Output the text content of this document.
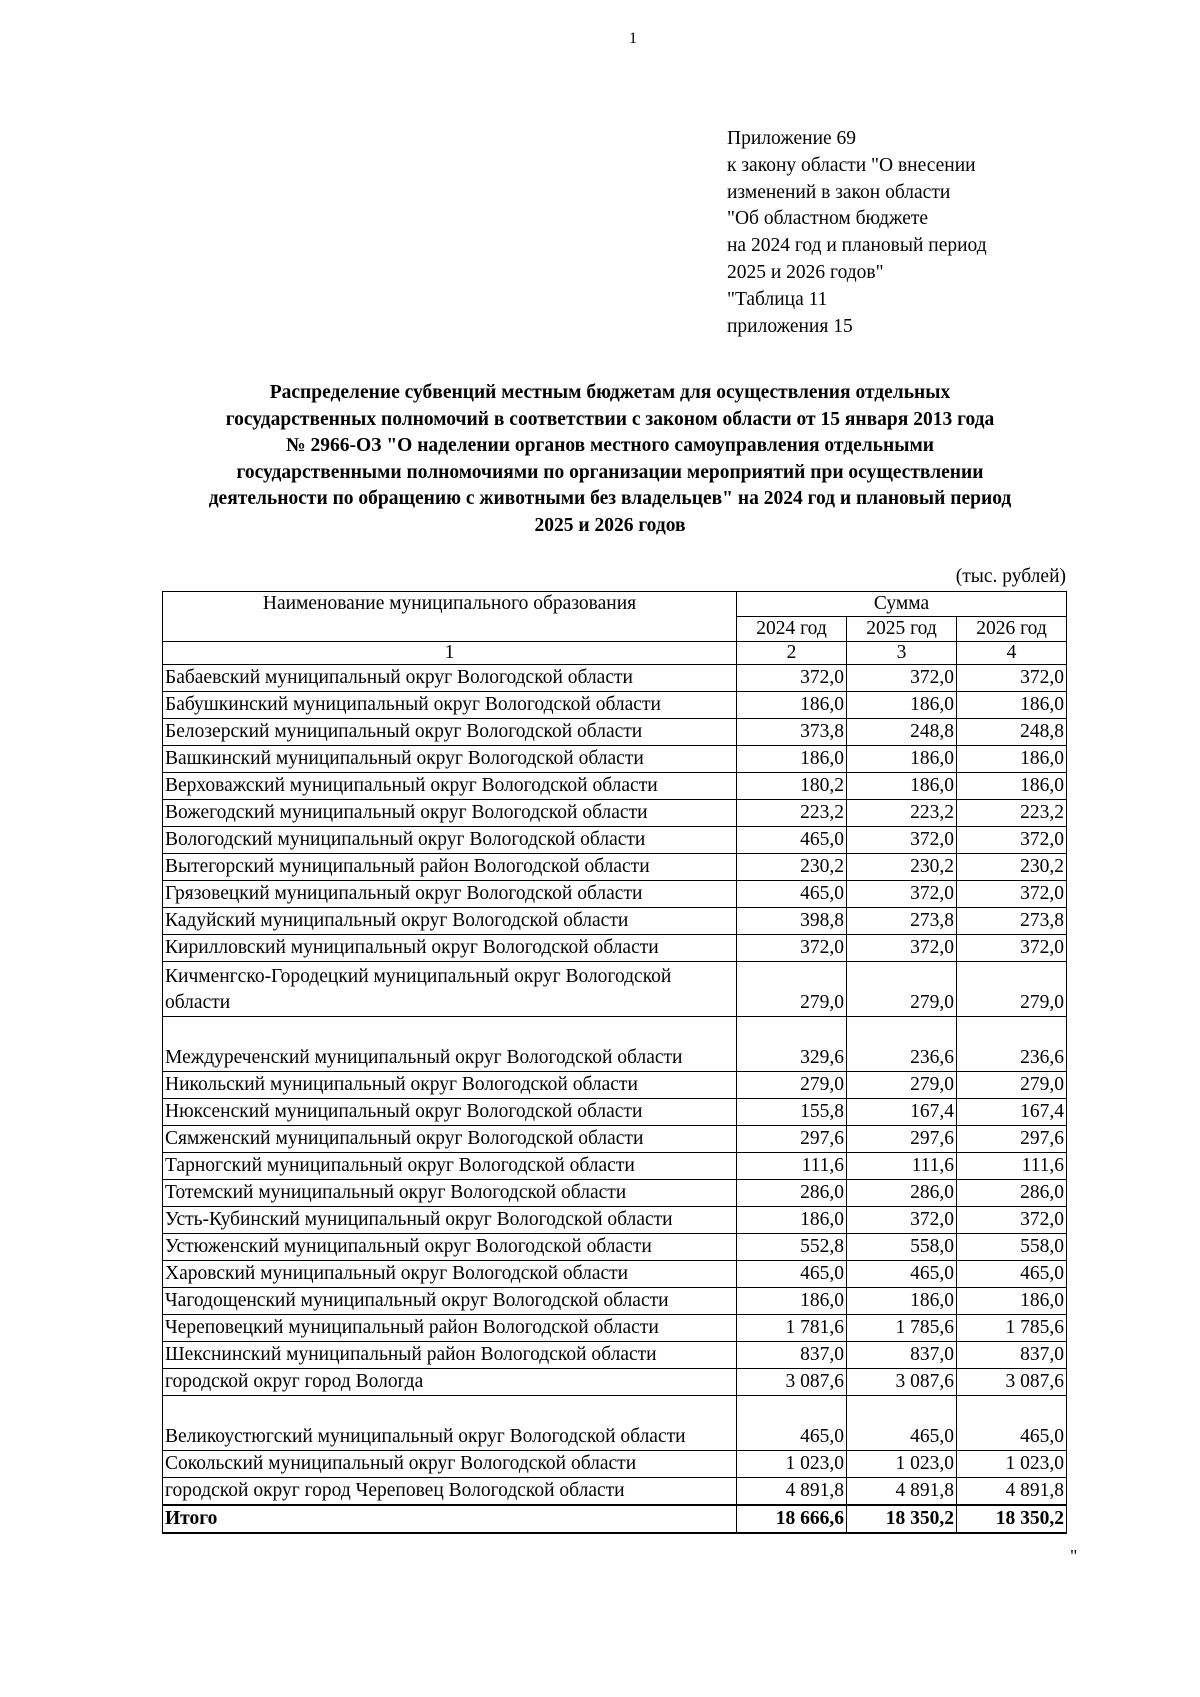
1
Приложение 69
к закону области "О внесении
изменений в закон области
"Об областном бюджете
на 2024 год и плановый период
2025 и 2026 годов"
"Таблица 11
приложения 15
Распределение субвенций местным бюджетам для осуществления отдельных
государственных полномочий в соответствии с законом области от 15 января 2013 года
№ 2966-ОЗ "О наделении органов местного самоуправления отдельными
государственными полномочиями по организации мероприятий при осуществлении
деятельности по обращению с животными без владельцев" на 2024 год и плановый период
2025 и 2026 годов
(тыс. рублей)
Наименование муниципального образования	Сумма		
	2024 год	2025 год	2026 год
1	2	3	4
Бабаевский муниципальный округ Вологодской области	372,0	372,0	372,0
Бабушкинский муниципальный округ Вологодской области	186,0	186,0	186,0
Белозерский муниципальный округ Вологодской области	373,8	248,8	248,8
Вашкинский муниципальный округ Вологодской области	186,0	186,0	186,0
Верховажский муниципальный округ Вологодской области	180,2	186,0	186,0
Вожегодский муниципальный округ Вологодской области	223,2	223,2	223,2
Вологодский муниципальный округ Вологодской области	465,0	372,0	372,0
Вытегорский муниципальный район Вологодской области	230,2	230,2	230,2
Грязовецкий муниципальный округ Вологодской области	465,0	372,0	372,0
Кадуйский муниципальный округ Вологодской области	398,8	273,8	273,8
Кирилловский муниципальный округ Вологодской области	372,0	372,0	372,0
Кичменгско-Городецкий муниципальный округ Вологодской области	279,0	279,0	279,0
Междуреченский муниципальный округ Вологодской области	329,6	236,6	236,6
Никольский муниципальный округ Вологодской области	279,0	279,0	279,0
Нюксенский муниципальный округ Вологодской области	155,8	167,4	167,4
Сямженский муниципальный округ Вологодской области	297,6	297,6	297,6
Тарногский муниципальный округ Вологодской области	111,6	111,6	111,6
Тотемский муниципальный округ Вологодской области	286,0	286,0	286,0
Усть-Кубинский муниципальный округ Вологодской области	186,0	372,0	372,0
Устюженский муниципальный округ Вологодской области	552,8	558,0	558,0
Харовский муниципальный округ Вологодской области	465,0	465,0	465,0
Чагодощенский муниципальный округ Вологодской области	186,0	186,0	186,0
Череповецкий муниципальный район Вологодской области	1 781,6	1 785,6	1 785,6
Шекснинский муниципальный район Вологодской области	837,0	837,0	837,0
городской округ город Вологда	3 087,6	3 087,6	3 087,6
Великоустюгский муниципальный округ Вологодской области	465,0	465,0	465,0
Сокольский муниципальный округ Вологодской области	1 023,0	1 023,0	1 023,0
городской округ город Череповец Вологодской области	4 891,8	4 891,8	4 891,8
Итого	18 666,6	18 350,2	18 350,2
"
